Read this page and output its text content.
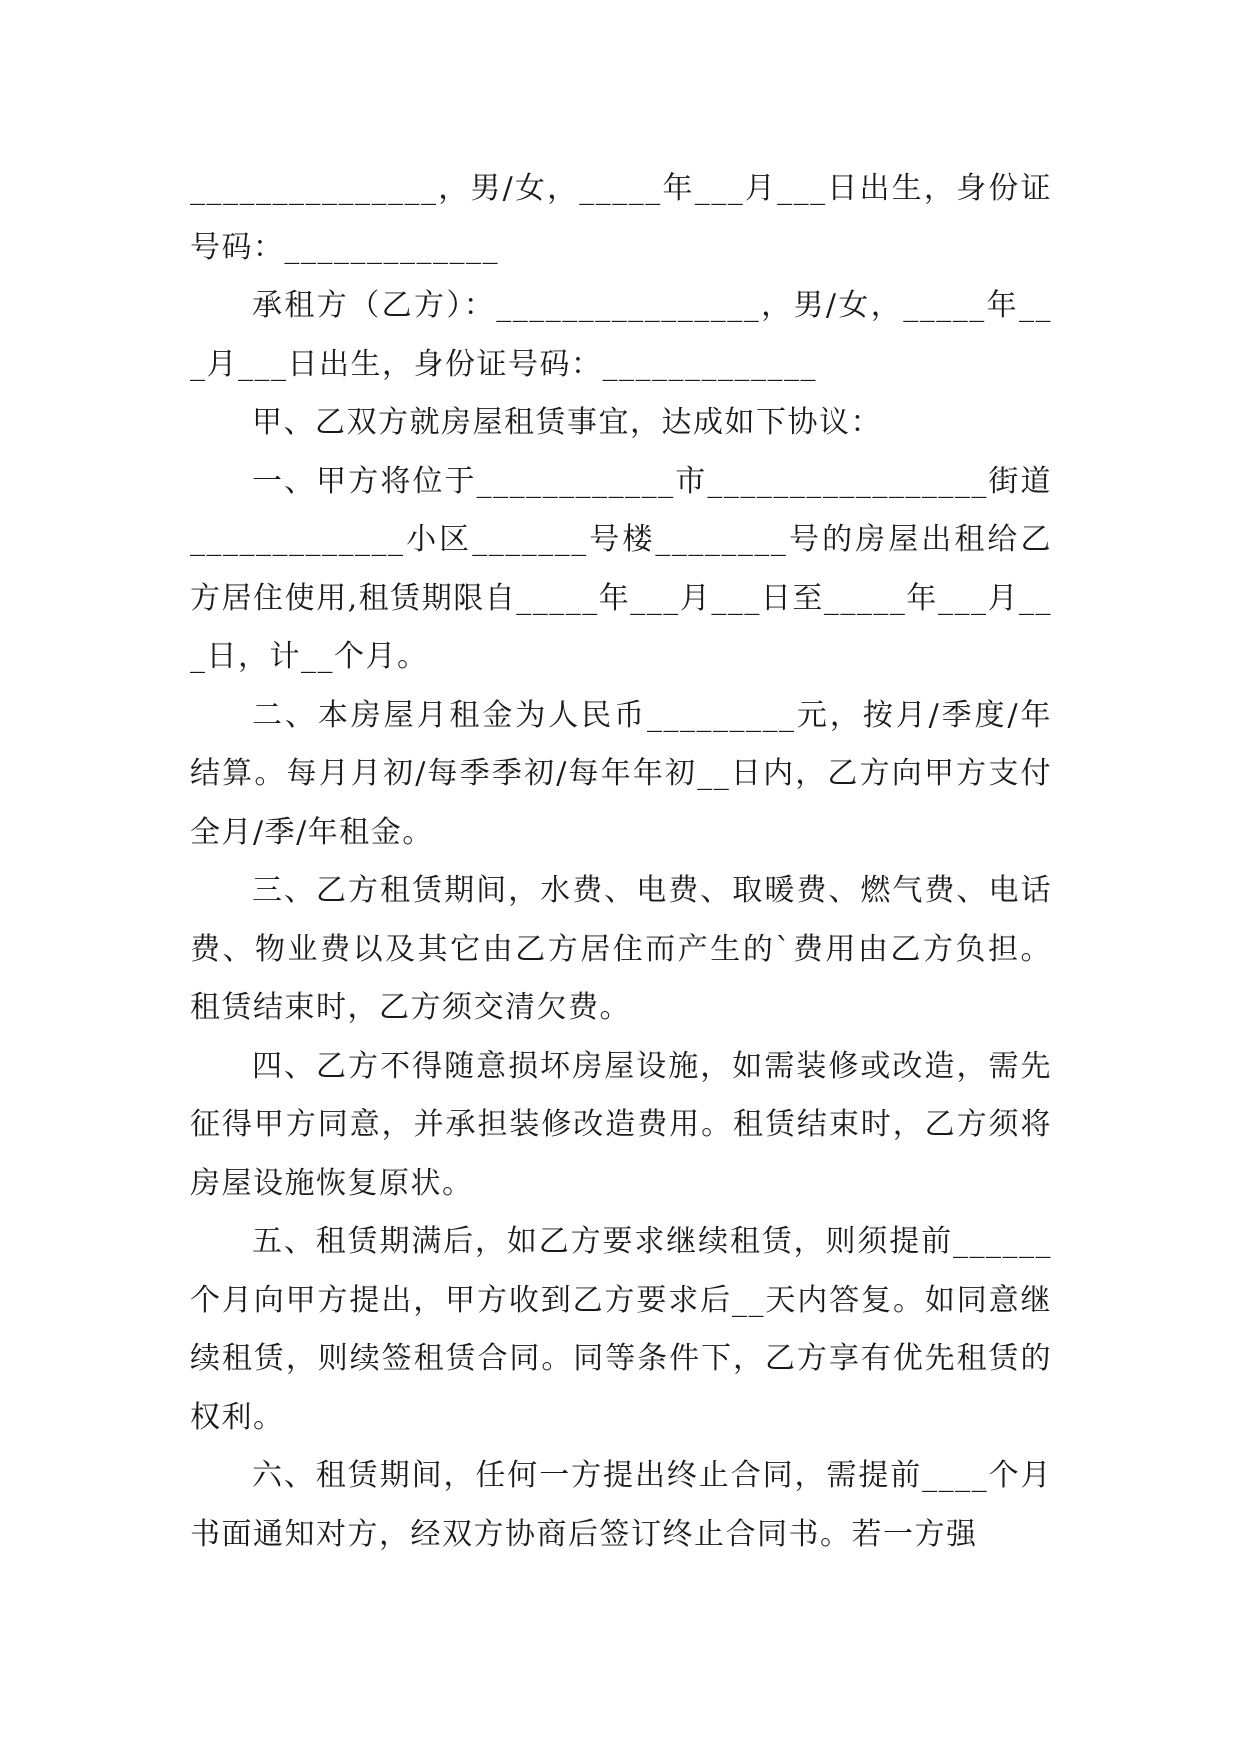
_______________，男/女，_____年___月___日出生，身份证号码：_____________

承租方（乙方）：________________，男/女，_____年___月___日出生，身份证号码：_____________

甲、乙双方就房屋租赁事宜，达成如下协议：

一、甲方将位于____________市_________________街道_____________小区_______号楼________号的房屋出租给乙方居住使用,租赁期限自_____年___月___日至_____年___月___日，计__个月。

二、本房屋月租金为人民币_________元，按月/季度/年结算。每月月初/每季季初/每年年初__日内，乙方向甲方支付全月/季/年租金。

三、乙方租赁期间，水费、电费、取暖费、燃气费、电话费、物业费以及其它由乙方居住而产生的`费用由乙方负担。租赁结束时，乙方须交清欠费。

四、乙方不得随意损坏房屋设施，如需装修或改造，需先征得甲方同意，并承担装修改造费用。租赁结束时，乙方须将房屋设施恢复原状。

五、租赁期满后，如乙方要求继续租赁，则须提前______个月向甲方提出，甲方收到乙方要求后__天内答复。如同意继续租赁，则续签租赁合同。同等条件下，乙方享有优先租赁的权利。

六、租赁期间，任何一方提出终止合同，需提前____个月书面通知对方，经双方协商后签订终止合同书。若一方强
